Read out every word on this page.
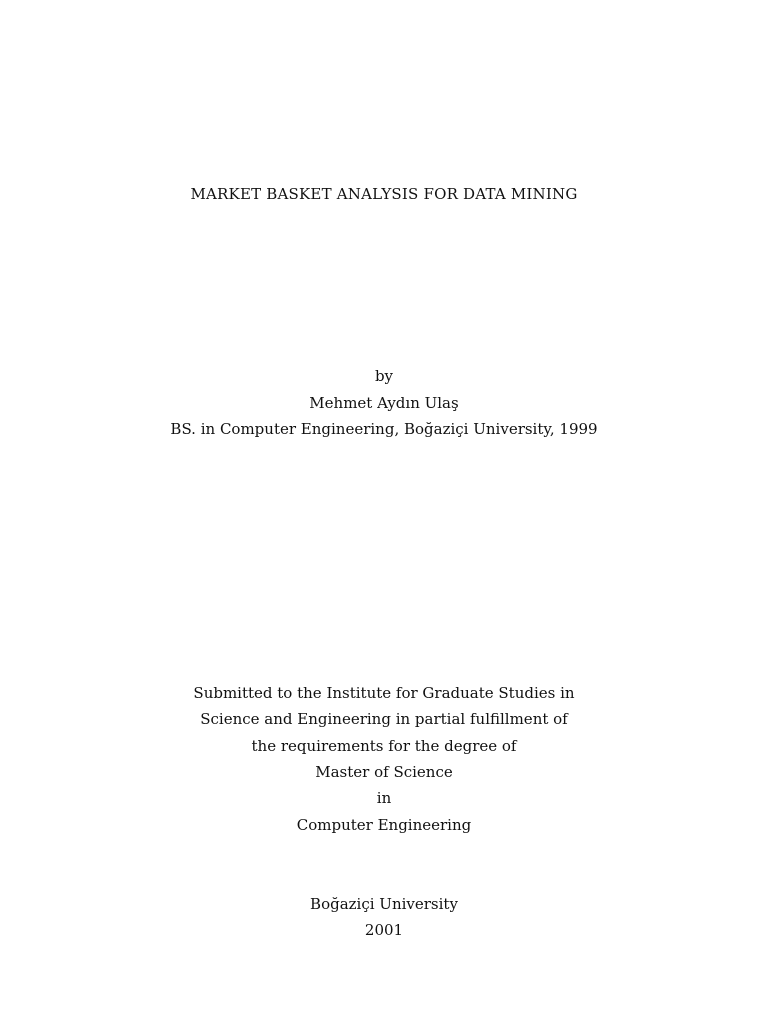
MARKET BASKET ANALYSIS FOR DATA MINING
by
Mehmet Aydın Ulaş
BS. in Computer Engineering, Boğaziçi University, 1999
Submitted to the Institute for Graduate Studies in
Science and Engineering in partial fulfillment of
the requirements for the degree of
Master of Science
in
Computer Engineering
Boğaziçi University
2001
